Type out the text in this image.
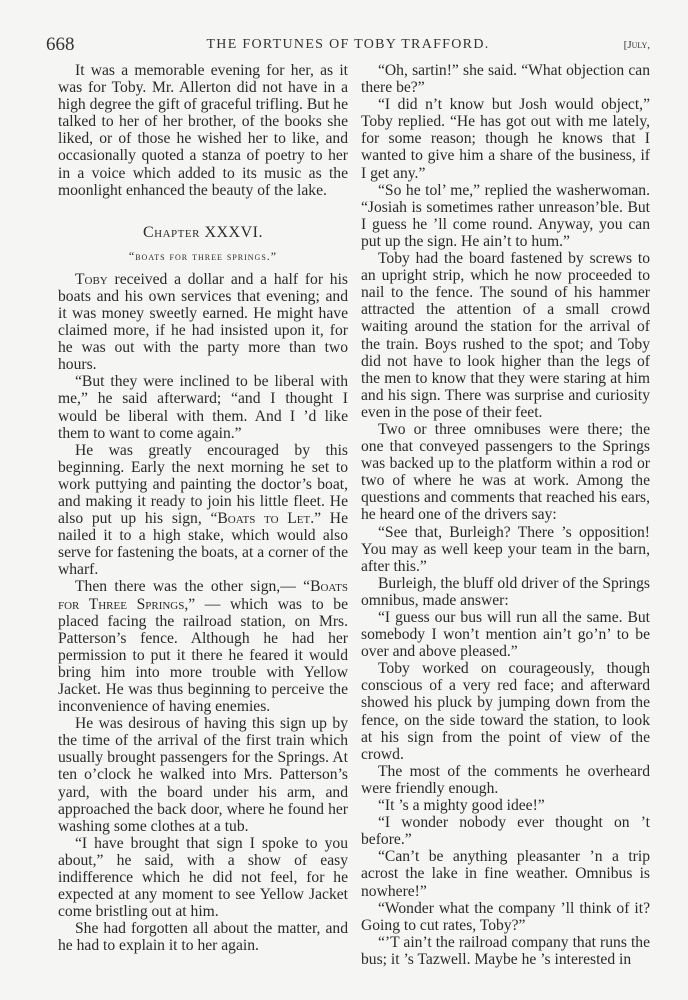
668	THE FORTUNES OF TOBY TRAFFORD.	[July,

It was a memorable evening for her, as it was for Toby. Mr. Allerton did not have in a high degree the gift of graceful trifling. But he talked to her of her brother, of the books she liked, or of those he wished her to like, and occasionally quoted a stanza of poetry to her in a voice which added to its music as the moonlight enhanced the beauty of the lake.

Chapter XXXVI.

“boats for three springs.”

Toby received a dollar and a half for his boats and his own services that evening; and it was money sweetly earned. He might have claimed more, if he had insisted upon it, for he was out with the party more than two hours.

“But they were inclined to be liberal with me,” he said afterward; “and I thought I would be liberal with them. And I ’d like them to want to come again.”

He was greatly encouraged by this beginning. Early the next morning he set to work puttying and painting the doctor’s boat, and making it ready to join his little fleet. He also put up his sign, “Boats to Let.” He nailed it to a high stake, which would also serve for fastening the boats, at a corner of the wharf.

Then there was the other sign,— “Boats for Three Springs,” — which was to be placed facing the railroad station, on Mrs. Patterson’s fence. Although he had her permission to put it there he feared it would bring him into more trouble with Yellow Jacket. He was thus beginning to perceive the inconvenience of having enemies.

He was desirous of having this sign up by the time of the arrival of the first train which usually brought passengers for the Springs. At ten o’clock he walked into Mrs. Patterson’s yard, with the board under his arm, and approached the back door, where he found her washing some clothes at a tub.

“I have brought that sign I spoke to you about,” he said, with a show of easy indifference which he did not feel, for he expected at any moment to see Yellow Jacket come bristling out at him.

She had forgotten all about the matter, and he had to explain it to her again.

“Oh, sartin!” she said. “What objection can there be?”

“I did n’t know but Josh would object,” Toby replied. “He has got out with me lately, for some reason; though he knows that I wanted to give him a share of the business, if I get any.”

“So he tol’ me,” replied the washerwoman. “Josiah is sometimes rather unreason’ble. But I guess he ’ll come round. Anyway, you can put up the sign. He ain’t to hum.”

Toby had the board fastened by screws to an upright strip, which he now proceeded to nail to the fence. The sound of his hammer attracted the attention of a small crowd waiting around the station for the arrival of the train. Boys rushed to the spot; and Toby did not have to look higher than the legs of the men to know that they were staring at him and his sign. There was surprise and curiosity even in the pose of their feet.

Two or three omnibuses were there; the one that conveyed passengers to the Springs was backed up to the platform within a rod or two of where he was at work. Among the questions and comments that reached his ears, he heard one of the drivers say:

“See that, Burleigh? There ’s opposition! You may as well keep your team in the barn, after this.”

Burleigh, the bluff old driver of the Springs omnibus, made answer:

“I guess our bus will run all the same. But somebody I won’t mention ain’t go’n’ to be over and above pleased.”

Toby worked on courageously, though conscious of a very red face; and afterward showed his pluck by jumping down from the fence, on the side toward the station, to look at his sign from the point of view of the crowd.

The most of the comments he overheard were friendly enough.

“It ’s a mighty good idee!”

“I wonder nobody ever thought on ’t before.”

“Can’t be anything pleasanter ’n a trip acrost the lake in fine weather. Omnibus is nowhere!”

“Wonder what the company ’ll think of it? Going to cut rates, Toby?”

“’T ain’t the railroad company that runs the bus; it ’s Tazwell. Maybe he ’s interested in
